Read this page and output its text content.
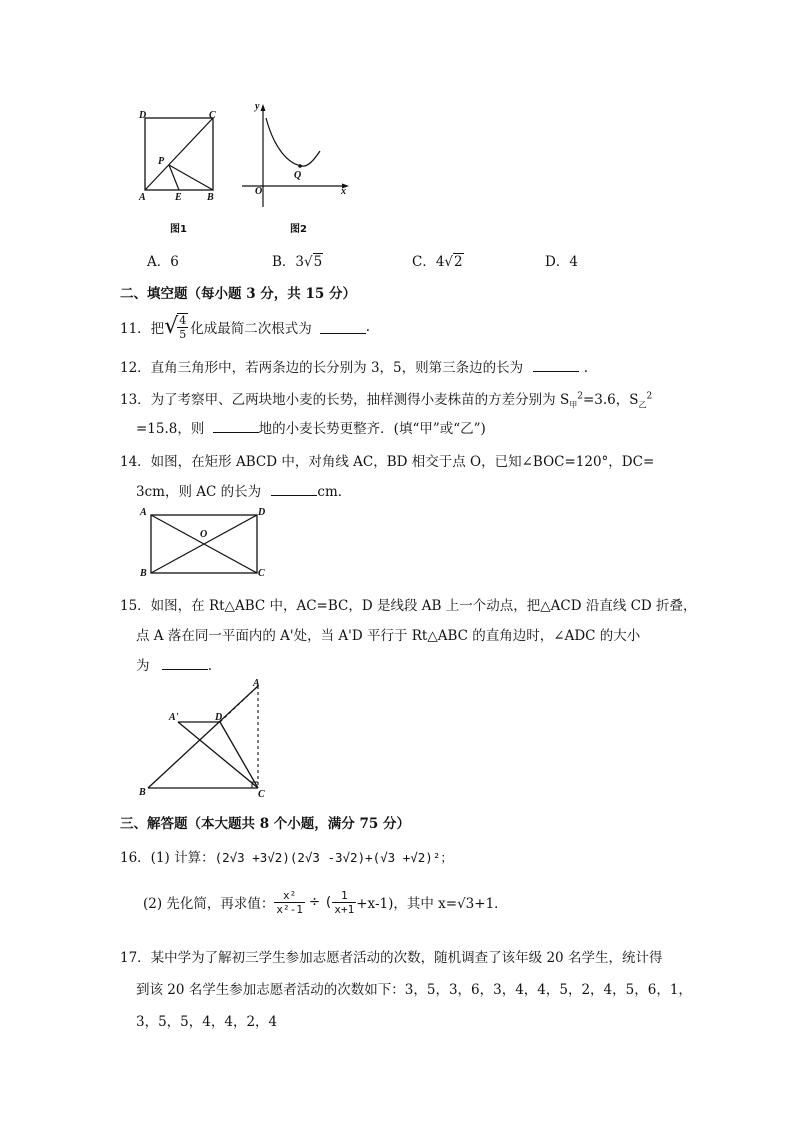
D	C
P
A	E	B
图1
y
O
Q
x
图2
A．6	B．3√5	C．4√2	D．4
二、填空题（每小题 3 分，共 15 分）
11．把 √ $\frac{4}{5}$ 化成最简二次根式为	.
12．直角三角形中，若两条边的长分别为 3，5，则第三条边的长为	.
13．为了考察甲、乙两块地小麦的长势，抽样测得小麦株苗的方差分别为 $S_甲^2=3.6$，$S_乙^2$
=15.8，则	地的小麦长势更整齐．(填“甲”或“乙”)
14．如图，在矩形 ABCD 中，对角线 AC，BD 相交于点 O，已知∠BOC=120°，DC=
3cm，则 AC 的长为	cm．
A	D
O
B	C
15．如图，在 Rt△ABC 中，AC=BC，D 是线段 AB 上一个动点，把△ACD 沿直线 CD 折叠，
点 A 落在同一平面内的 A'处，当 A'D 平行于 Rt△ABC 的直角边时，∠ADC 的大小
为	.
A
A'	D
B	C
三、解答题（本大题共 8 个小题，满分 75 分）
16．(1) 计算：(2√3 +3√2)(2√3 -3√2)+(√3 +√2)²；
(2) 先化简，再求值： $\frac{\text{x²}}{\text{x²-1}}$ ÷ ( $\frac{1}{x+1} +x-1$)，其中 x=√3+1．
17．某中学为了解初三学生参加志愿者活动的次数，随机调查了该年级 20 名学生，统计得
到该 20 名学生参加志愿者活动的次数如下：3，5，3，6，3，4，4，5，2，4，5，6，1，
3，5，5，4，4，2，4
